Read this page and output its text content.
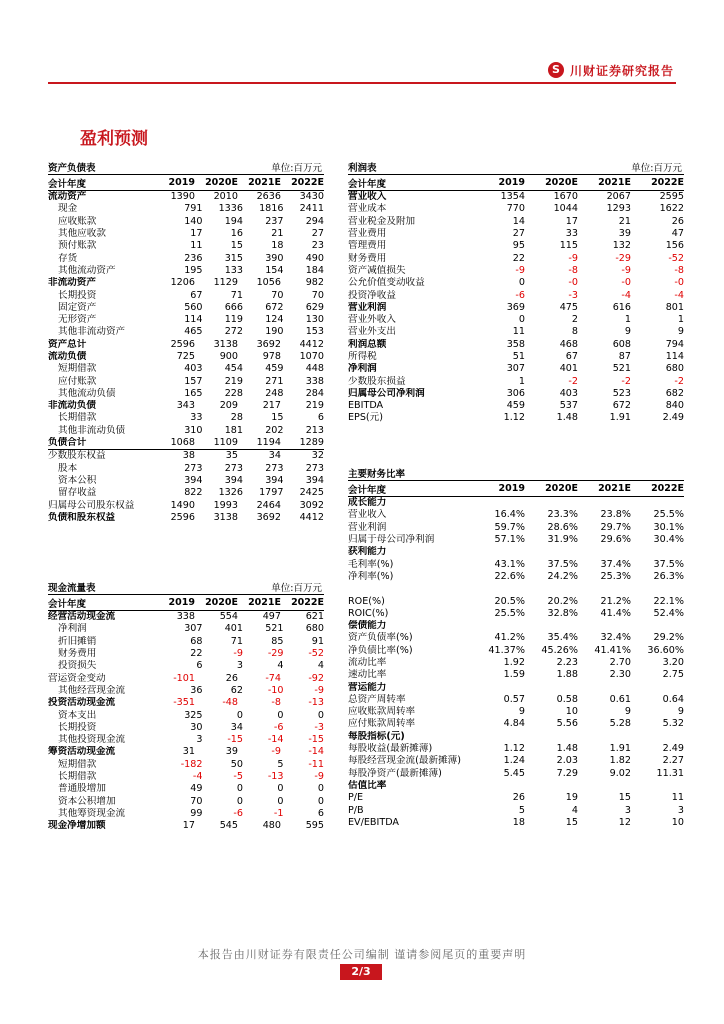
S 川财证券研究报告
盈利预测
资产负债表	单位:百万元
会计年度	2019	2020E	2021E	2022E
流动资产	1390	2010	2636	3430
现金	791	1336	1816	2411
应收账款	140	194	237	294
其他应收款	17	16	21	27
预付账款	11	15	18	23
存货	236	315	390	490
其他流动资产	195	133	154	184
非流动资产	1206	1129	1056	982
长期投资	67	71	70	70
固定资产	560	666	672	629
无形资产	114	119	124	130
其他非流动资产	465	272	190	153
资产总计	2596	3138	3692	4412
流动负债	725	900	978	1070
短期借款	403	454	459	448
应付账款	157	219	271	338
其他流动负债	165	228	248	284
非流动负债	343	209	217	219
长期借款	33	28	15	6
其他非流动负债	310	181	202	213
负债合计	1068	1109	1194	1289
少数股东权益	38	35	34	32
股本	273	273	273	273
资本公积	394	394	394	394
留存收益	822	1326	1797	2425
归属母公司股东权益	1490	1993	2464	3092
负债和股东权益	2596	3138	3692	4412
利润表	单位:百万元
会计年度	2019	2020E	2021E	2022E
营业收入	1354	1670	2067	2595
营业成本	770	1044	1293	1622
营业税金及附加	14	17	21	26
营业费用	27	33	39	47
管理费用	95	115	132	156
财务费用	22	-9	-29	-52
资产减值损失	-9	-8	-9	-8
公允价值变动收益	0	-0	-0	-0
投资净收益	-6	-3	-4	-4
营业利润	369	475	616	801
营业外收入	0	2	1	1
营业外支出	11	8	9	9
利润总额	358	468	608	794
所得税	51	67	87	114
净利润	307	401	521	680
少数股东损益	1	-2	-2	-2
归属母公司净利润	306	403	523	682
EBITDA	459	537	672	840
EPS(元)	1.12	1.48	1.91	2.49
主要财务比率
会计年度	2019	2020E	2021E	2022E
成长能力
营业收入	16.4%	23.3%	23.8%	25.5%
营业利润	59.7%	28.6%	29.7%	30.1%
归属于母公司净利润	57.1%	31.9%	29.6%	30.4%
获利能力
毛利率(%)	43.1%	37.5%	37.4%	37.5%
净利率(%)	22.6%	24.2%	25.3%	26.3%
ROE(%)	20.5%	20.2%	21.2%	22.1%
ROIC(%)	25.5%	32.8%	41.4%	52.4%
偿债能力
资产负债率(%)	41.2%	35.4%	32.4%	29.2%
净负债比率(%)	41.37%	45.26%	41.41%	36.60%
流动比率	1.92	2.23	2.70	3.20
速动比率	1.59	1.88	2.30	2.75
营运能力
总资产周转率	0.57	0.58	0.61	0.64
应收账款周转率	9	10	9	9
应付账款周转率	4.84	5.56	5.28	5.32
每股指标(元)
每股收益(最新摊薄)	1.12	1.48	1.91	2.49
每股经营现金流(最新摊薄)	1.24	2.03	1.82	2.27
每股净资产(最新摊薄)	5.45	7.29	9.02	11.31
估值比率
P/E	26	19	15	11
P/B	5	4	3	3
EV/EBITDA	18	15	12	10
现金流量表	单位:百万元
会计年度	2019	2020E	2021E	2022E
经营活动现金流	338	554	497	621
净利润	307	401	521	680
折旧摊销	68	71	85	91
财务费用	22	-9	-29	-52
投资损失	6	3	4	4
营运资金变动	-101	26	-74	-92
其他经营现金流	36	62	-10	-9
投资活动现金流	-351	-48	-8	-13
资本支出	325	0	0	0
长期投资	30	34	-6	-3
其他投资现金流	3	-15	-14	-15
筹资活动现金流	31	39	-9	-14
短期借款	-182	50	5	-11
长期借款	-4	-5	-13	-9
普通股增加	49	0	0	0
资本公积增加	70	0	0	0
其他筹资现金流	99	-6	-1	6
现金净增加额	17	545	480	595
本报告由川财证券有限责任公司编制 谨请参阅尾页的重要声明
2/3
